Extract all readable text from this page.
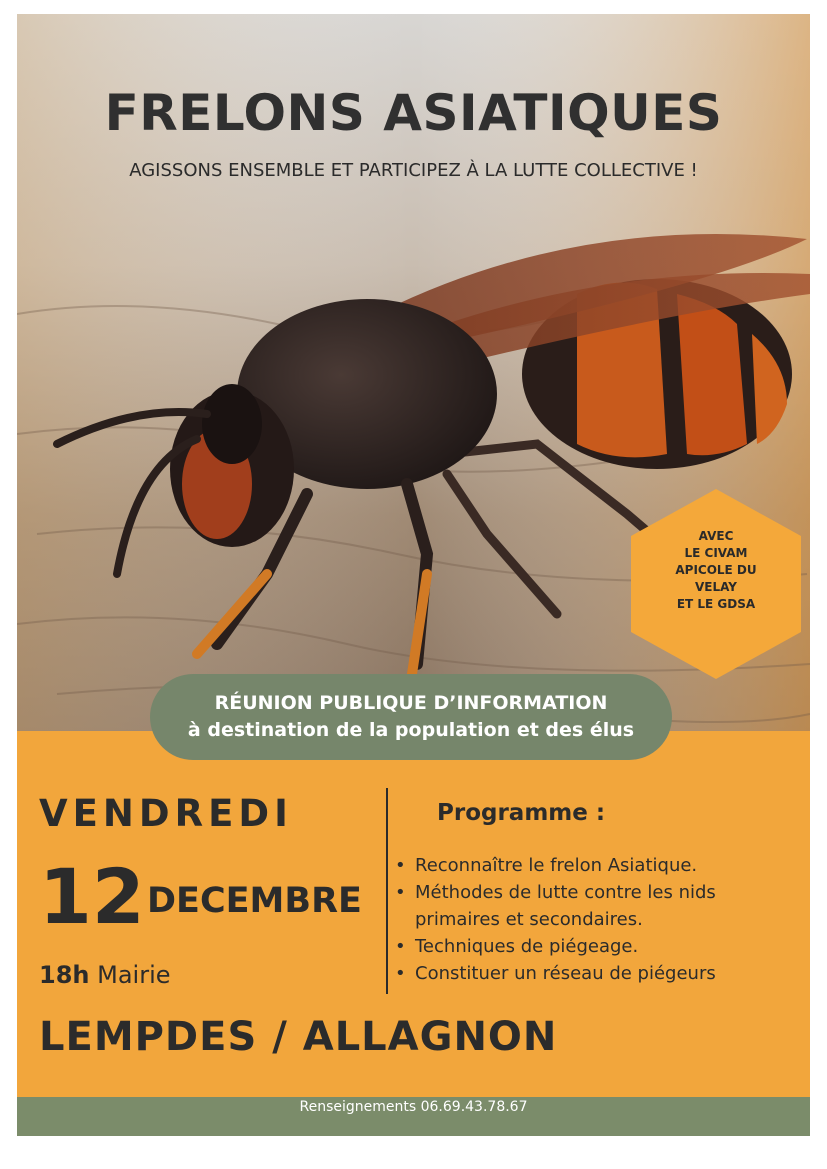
FRELONS ASIATIQUES
AGISSONS ENSEMBLE ET PARTICIPEZ À LA LUTTE COLLECTIVE !
AVEC
LE CIVAM
APICOLE DU
VELAY
ET LE GDSA
RÉUNION PUBLIQUE D’INFORMATION
à destination de la population et des élus
VENDREDI
12 DECEMBRE
18h Mairie
Programme :
• Reconnaître le frelon Asiatique.
• Méthodes de lutte contre les nids primaires et secondaires.
• Techniques de piégeage.
• Constituer un réseau de piégeurs
LEMPDES / ALLAGNON
Renseignements 06.69.43.78.67
